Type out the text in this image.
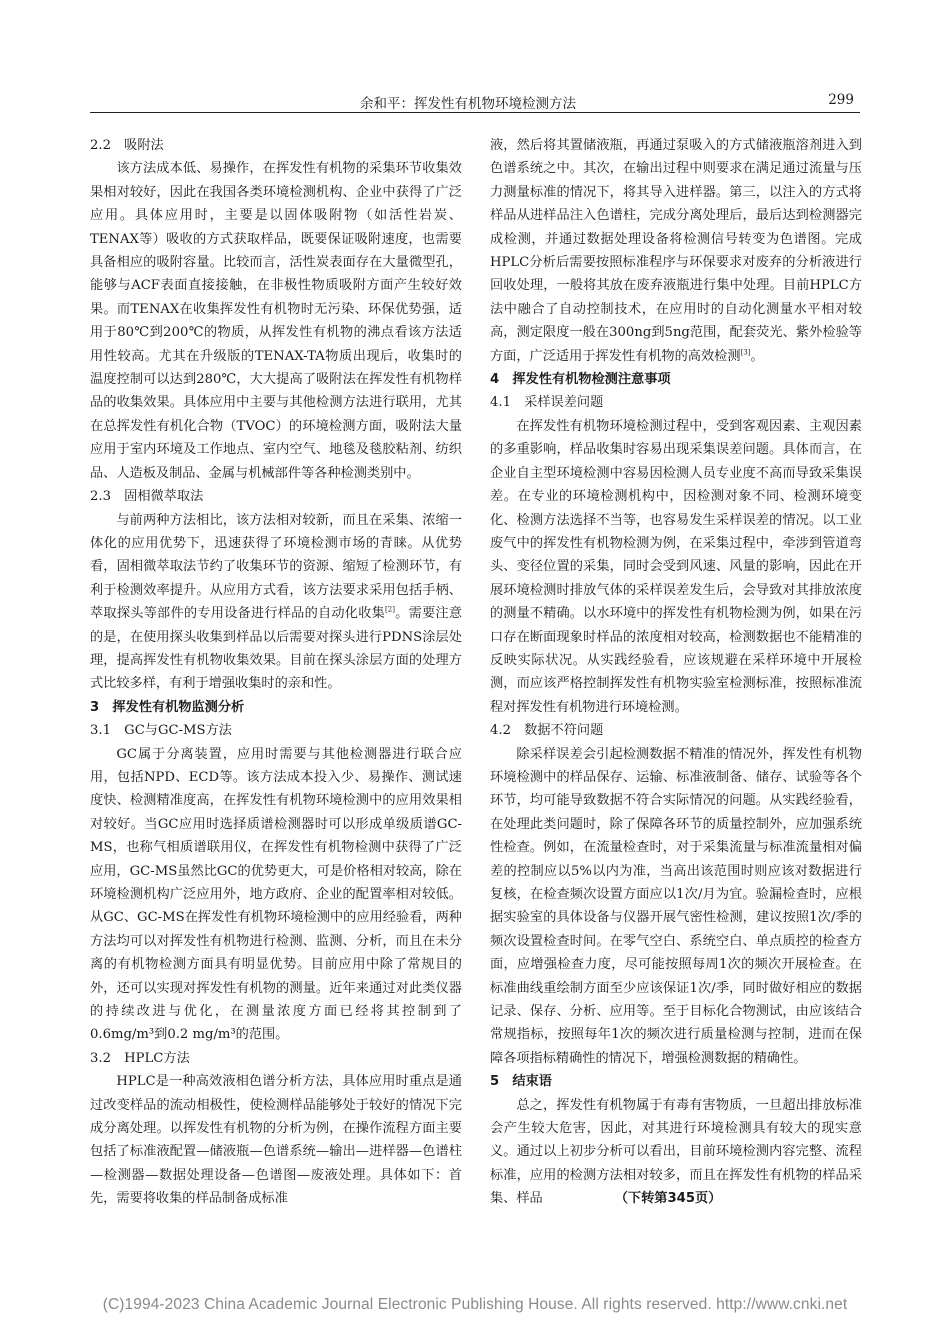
余和平：挥发性有机物环境检测方法	299
2.2　吸附法

该方法成本低、易操作，在挥发性有机物的采集环节收集效果相对较好，因此在我国各类环境检测机构、企业中获得了广泛应用。具体应用时，主要是以固体吸附物（如活性岩炭、TENAX等）吸收的方式获取样品，既要保证吸附速度，也需要具备相应的吸附容量。比较而言，活性炭表面存在大量微型孔，能够与ACF表面直接接触，在非极性物质吸附方面产生较好效果。而TENAX在收集挥发性有机物时无污染、环保优势强，适用于80℃到200℃的物质，从挥发性有机物的沸点看该方法适用性较高。尤其在升级版的TENAX-TA物质出现后，收集时的温度控制可以达到280℃，大大提高了吸附法在挥发性有机物样品的收集效果。具体应用中主要与其他检测方法进行联用，尤其在总挥发性有机化合物（TVOC）的环境检测方面，吸附法大量应用于室内环境及工作地点、室内空气、地毯及毯胶粘剂、纺织品、人造板及制品、金属与机械部件等各种检测类别中。

2.3　固相微萃取法

与前两种方法相比，该方法相对较新，而且在采集、浓缩一体化的应用优势下，迅速获得了环境检测市场的青睐。从优势看，固相微萃取法节约了收集环节的资源、缩短了检测环节，有利于检测效率提升。从应用方式看，该方法要求采用包括手柄、萃取探头等部件的专用设备进行样品的自动化收集[2]。需要注意的是，在使用探头收集到样品以后需要对探头进行PDNS涂层处理，提高挥发性有机物收集效果。目前在探头涂层方面的处理方式比较多样，有利于增强收集时的亲和性。

3　挥发性有机物监测分析
3.1　GC与GC-MS方法

GC属于分离装置，应用时需要与其他检测器进行联合应用，包括NPD、ECD等。该方法成本投入少、易操作、测试速度快、检测精准度高，在挥发性有机物环境检测中的应用效果相对较好。当GC应用时选择质谱检测器时可以形成单级质谱GC-MS，也称气相质谱联用仪，在挥发性有机物检测中获得了广泛应用，GC-MS虽然比GC的优势更大，可是价格相对较高，除在环境检测机构广泛应用外，地方政府、企业的配置率相对较低。从GC、GC-MS在挥发性有机物环境检测中的应用经验看，两种方法均可以对挥发性有机物进行检测、监测、分析，而且在未分离的有机物检测方面具有明显优势。目前应用中除了常规目的外，还可以实现对挥发性有机物的测量。近年来通过对此类仪器的持续改进与优化，在测量浓度方面已经将其控制到了0.6mg/m³到0.2 mg/m³的范围。

3.2　HPLC方法

HPLC是一种高效液相色谱分析方法，具体应用时重点是通过改变样品的流动相极性，使检测样品能够处于较好的情况下完成分离处理。以挥发性有机物的分析为例，在操作流程方面主要包括了标准液配置—储液瓶—色谱系统—输出—进样器—色谱柱—检测器—数据处理设备—色谱图—废液处理。具体如下：首先，需要将收集的样品制备成标准

液，然后将其置储液瓶，再通过泵吸入的方式储液瓶溶剂进入到色谱系统之中。其次，在输出过程中则要求在满足通过流量与压力测量标准的情况下，将其导入进样器。第三，以注入的方式将样品从进样品注入色谱柱，完成分离处理后，最后达到检测器完成检测，并通过数据处理设备将检测信号转变为色谱图。完成HPLC分析后需要按照标准程序与环保要求对废弃的分析液进行回收处理，一般将其放在废弃液瓶进行集中处理。目前HPLC方法中融合了自动控制技术，在应用时的自动化测量水平相对较高，测定限度一般在300ng到5ng范围，配套荧光、紫外检验等方面，广泛适用于挥发性有机物的高效检测[3]。

4　挥发性有机物检测注意事项
4.1　采样误差问题

在挥发性有机物环境检测过程中，受到客观因素、主观因素的多重影响，样品收集时容易出现采集误差问题。具体而言，在企业自主型环境检测中容易因检测人员专业度不高而导致采集误差。在专业的环境检测机构中，因检测对象不同、检测环境变化、检测方法选择不当等，也容易发生采样误差的情况。以工业废气中的挥发性有机物检测为例，在采集过程中，牵涉到管道弯头、变径位置的采集，同时会受到风速、风量的影响，因此在开展环境检测时排放气体的采样误差发生后，会导致对其排放浓度的测量不精确。以水环境中的挥发性有机物检测为例，如果在污口存在断面现象时样品的浓度相对较高，检测数据也不能精准的反映实际状况。从实践经验看，应该规避在采样环境中开展检测，而应该严格控制挥发性有机物实验室检测标准，按照标准流程对挥发性有机物进行环境检测。

4.2　数据不符问题

除采样误差会引起检测数据不精准的情况外，挥发性有机物环境检测中的样品保存、运输、标准液制备、储存、试验等各个环节，均可能导致数据不符合实际情况的问题。从实践经验看，在处理此类问题时，除了保障各环节的质量控制外，应加强系统性检查。例如，在流量检查时，对于采集流量与标准流量相对偏差的控制应以5%以内为准，当高出该范围时则应该对数据进行复核，在检查频次设置方面应以1次/月为宜。验漏检查时，应根据实验室的具体设备与仪器开展气密性检测，建议按照1次/季的频次设置检查时间。在零气空白、系统空白、单点质控的检查方面，应增强检查力度，尽可能按照每周1次的频次开展检查。在标准曲线重绘制方面至少应该保证1次/季，同时做好相应的数据记录、保存、分析、应用等。至于目标化合物测试，由应该结合常规指标，按照每年1次的频次进行质量检测与控制，进而在保障各项指标精确性的情况下，增强检测数据的精确性。

5　结束语

总之，挥发性有机物属于有毒有害物质，一旦超出排放标准会产生较大危害，因此，对其进行环境检测具有较大的现实意义。通过以上初步分析可以看出，目前环境检测内容完整、流程标准，应用的检测方法相对较多，而且在挥发性有机物的样品采集、样品	（下转第345页）

(C)1994-2023 China Academic Journal Electronic Publishing House. All rights reserved. http://www.cnki.net
